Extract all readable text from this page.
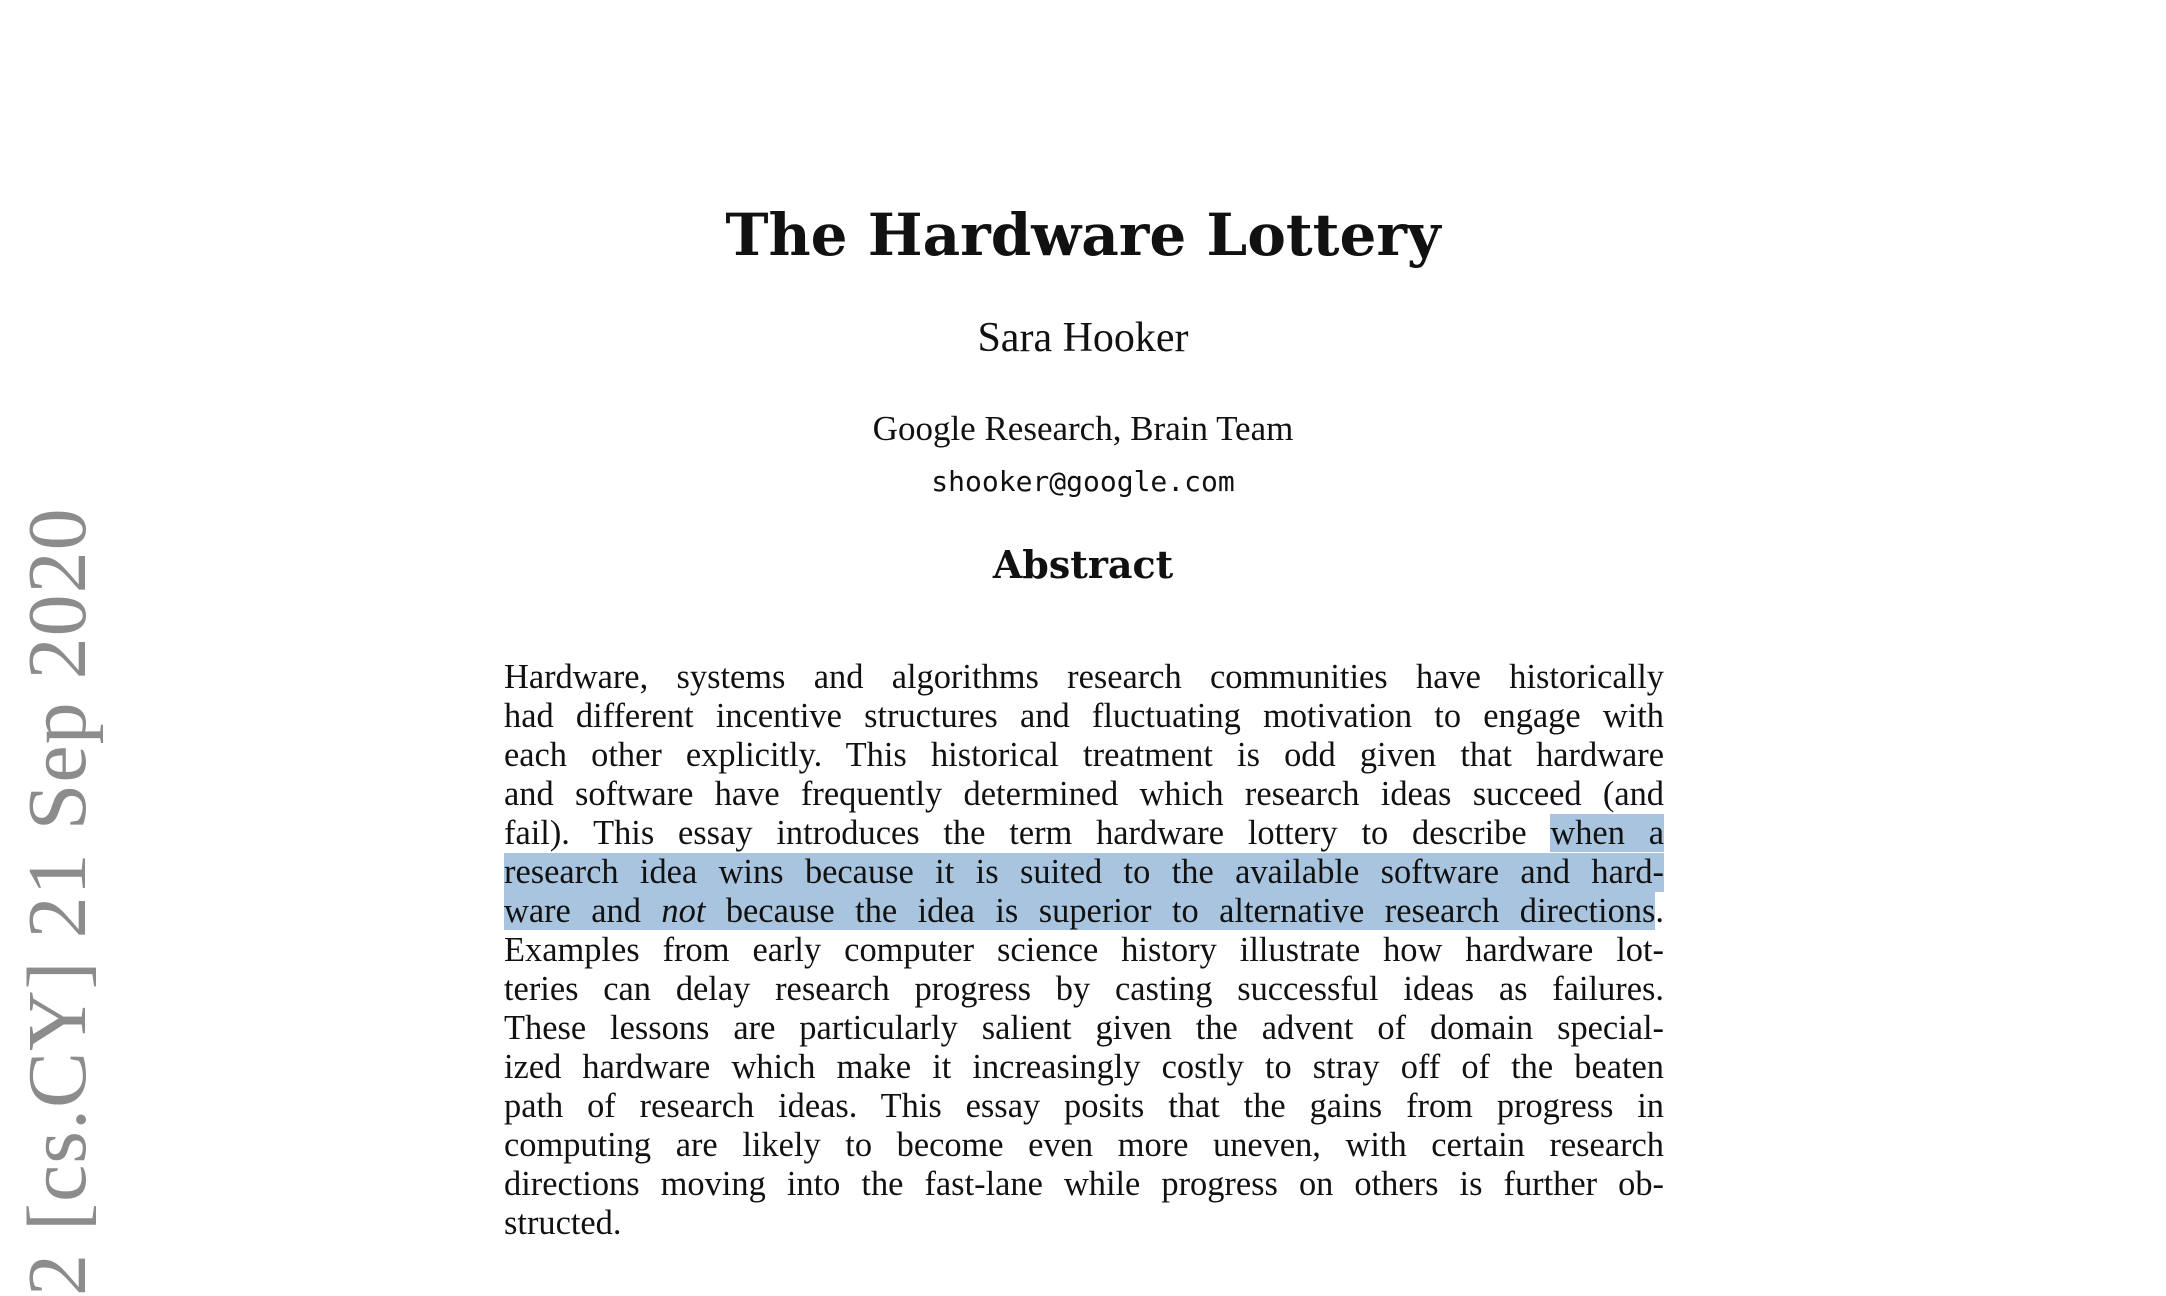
2 [cs.CY] 21 Sep 2020
The Hardware Lottery
Sara Hooker
Google Research, Brain Team
shooker@google.com
Abstract
Hardware, systems and algorithms research communities have historically
had different incentive structures and fluctuating motivation to engage with
each other explicitly. This historical treatment is odd given that hardware
and software have frequently determined which research ideas succeed (and
fail). This essay introduces the term hardware lottery to describe when a
research idea wins because it is suited to the available software and hard-
ware and not because the idea is superior to alternative research directions.
Examples from early computer science history illustrate how hardware lot-
teries can delay research progress by casting successful ideas as failures.
These lessons are particularly salient given the advent of domain special-
ized hardware which make it increasingly costly to stray off of the beaten
path of research ideas. This essay posits that the gains from progress in
computing are likely to become even more uneven, with certain research
directions moving into the fast-lane while progress on others is further ob-
structed.
